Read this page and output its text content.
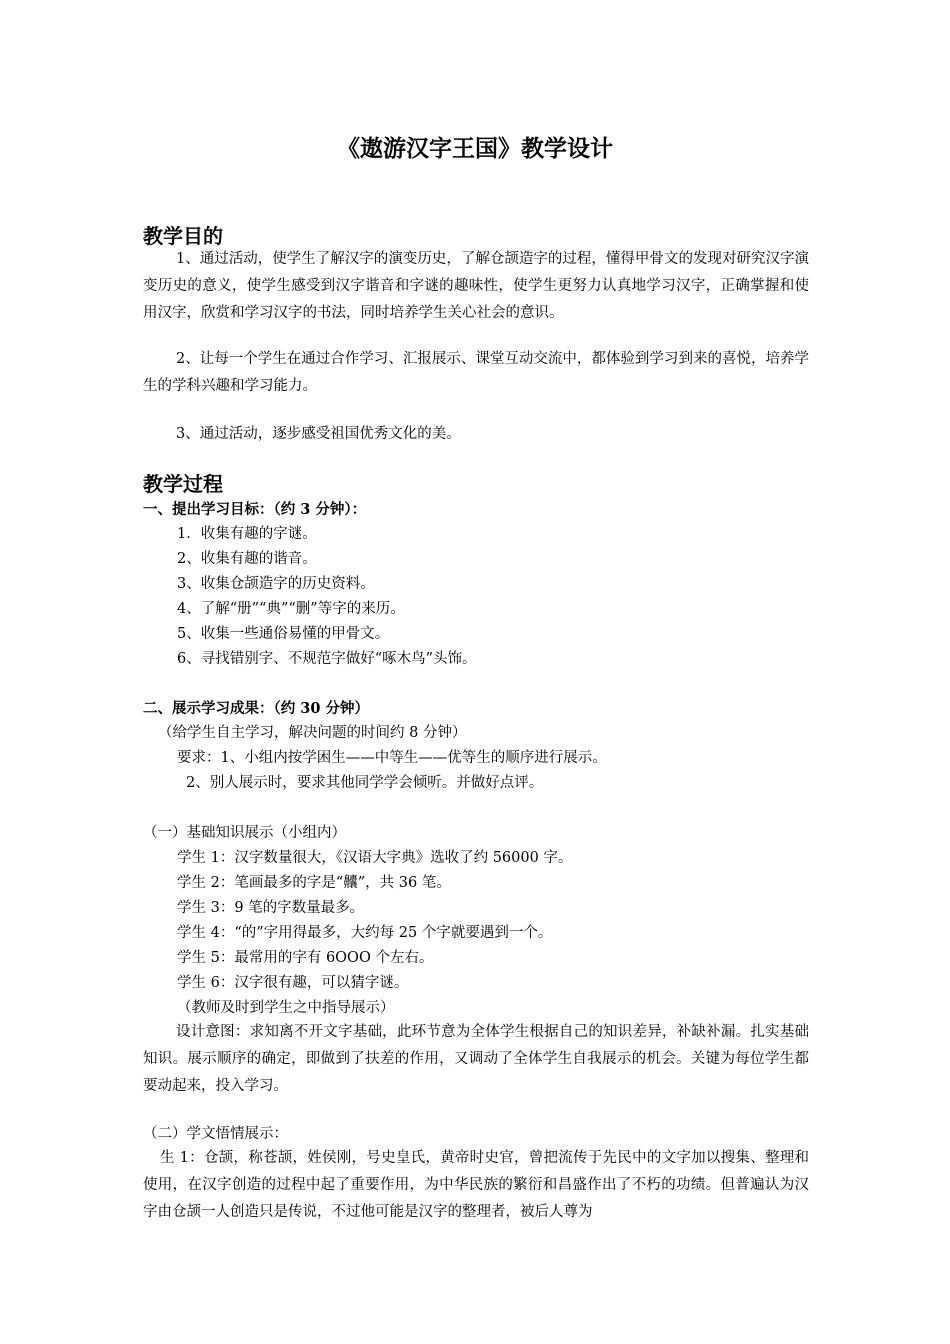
《遨游汉字王国》教学设计
教学目的
1、通过活动，使学生了解汉字的演变历史，了解仓颉造字的过程，懂得甲骨文的发现对研究汉字演变历史的意义，使学生感受到汉字谐音和字谜的趣味性，使学生更努力认真地学习汉字，正确掌握和使用汉字，欣赏和学习汉字的书法，同时培养学生关心社会的意识。
2、让每一个学生在通过合作学习、汇报展示、课堂互动交流中，都体验到学习到来的喜悦，培养学生的学科兴趣和学习能力。
3、通过活动，逐步感受祖国优秀文化的美。
教学过程
一、提出学习目标：（约 3 分钟）：
1．收集有趣的字谜。
2、收集有趣的谐音。
3、收集仓颉造字的历史资料。
4、了解“册”“典”“删”等字的来历。
5、收集一些通俗易懂的甲骨文。
6、寻找错别字、不规范字做好“啄木鸟”头饰。
二、展示学习成果：（约 30 分钟）
（给学生自主学习，解决问题的时间约 8 分钟）
要求：1、小组内按学困生——中等生——优等生的顺序进行展示。
2、别人展示时，要求其他同学学会倾听。并做好点评。
（一）基础知识展示（小组内）
学生 1：汉字数量很大，《汉语大字典》选收了约 56000 字。
学生 2：笔画最多的字是“齉”，共 36 笔。
学生 3：9 笔的字数量最多。
学生 4：“的”字用得最多，大约每 25 个字就要遇到一个。
学生 5：最常用的字有 6OOO 个左右。
学生 6：汉字很有趣，可以猜字谜。
（教师及时到学生之中指导展示）
设计意图：求知离不开文字基础，此环节意为全体学生根据自己的知识差异，补缺补漏。扎实基础知识。展示顺序的确定，即做到了扶差的作用，又调动了全体学生自我展示的机会。关键为每位学生都要动起来，投入学习。
（二）学文悟情展示：
生 1：仓颉，称苍颉，姓侯刚，号史皇氏，黄帝时史官，曾把流传于先民中的文字加以搜集、整理和使用，在汉字创造的过程中起了重要作用，为中华民族的繁衍和昌盛作出了不朽的功绩。但普遍认为汉字由仓颉一人创造只是传说，不过他可能是汉字的整理者，被后人尊为
